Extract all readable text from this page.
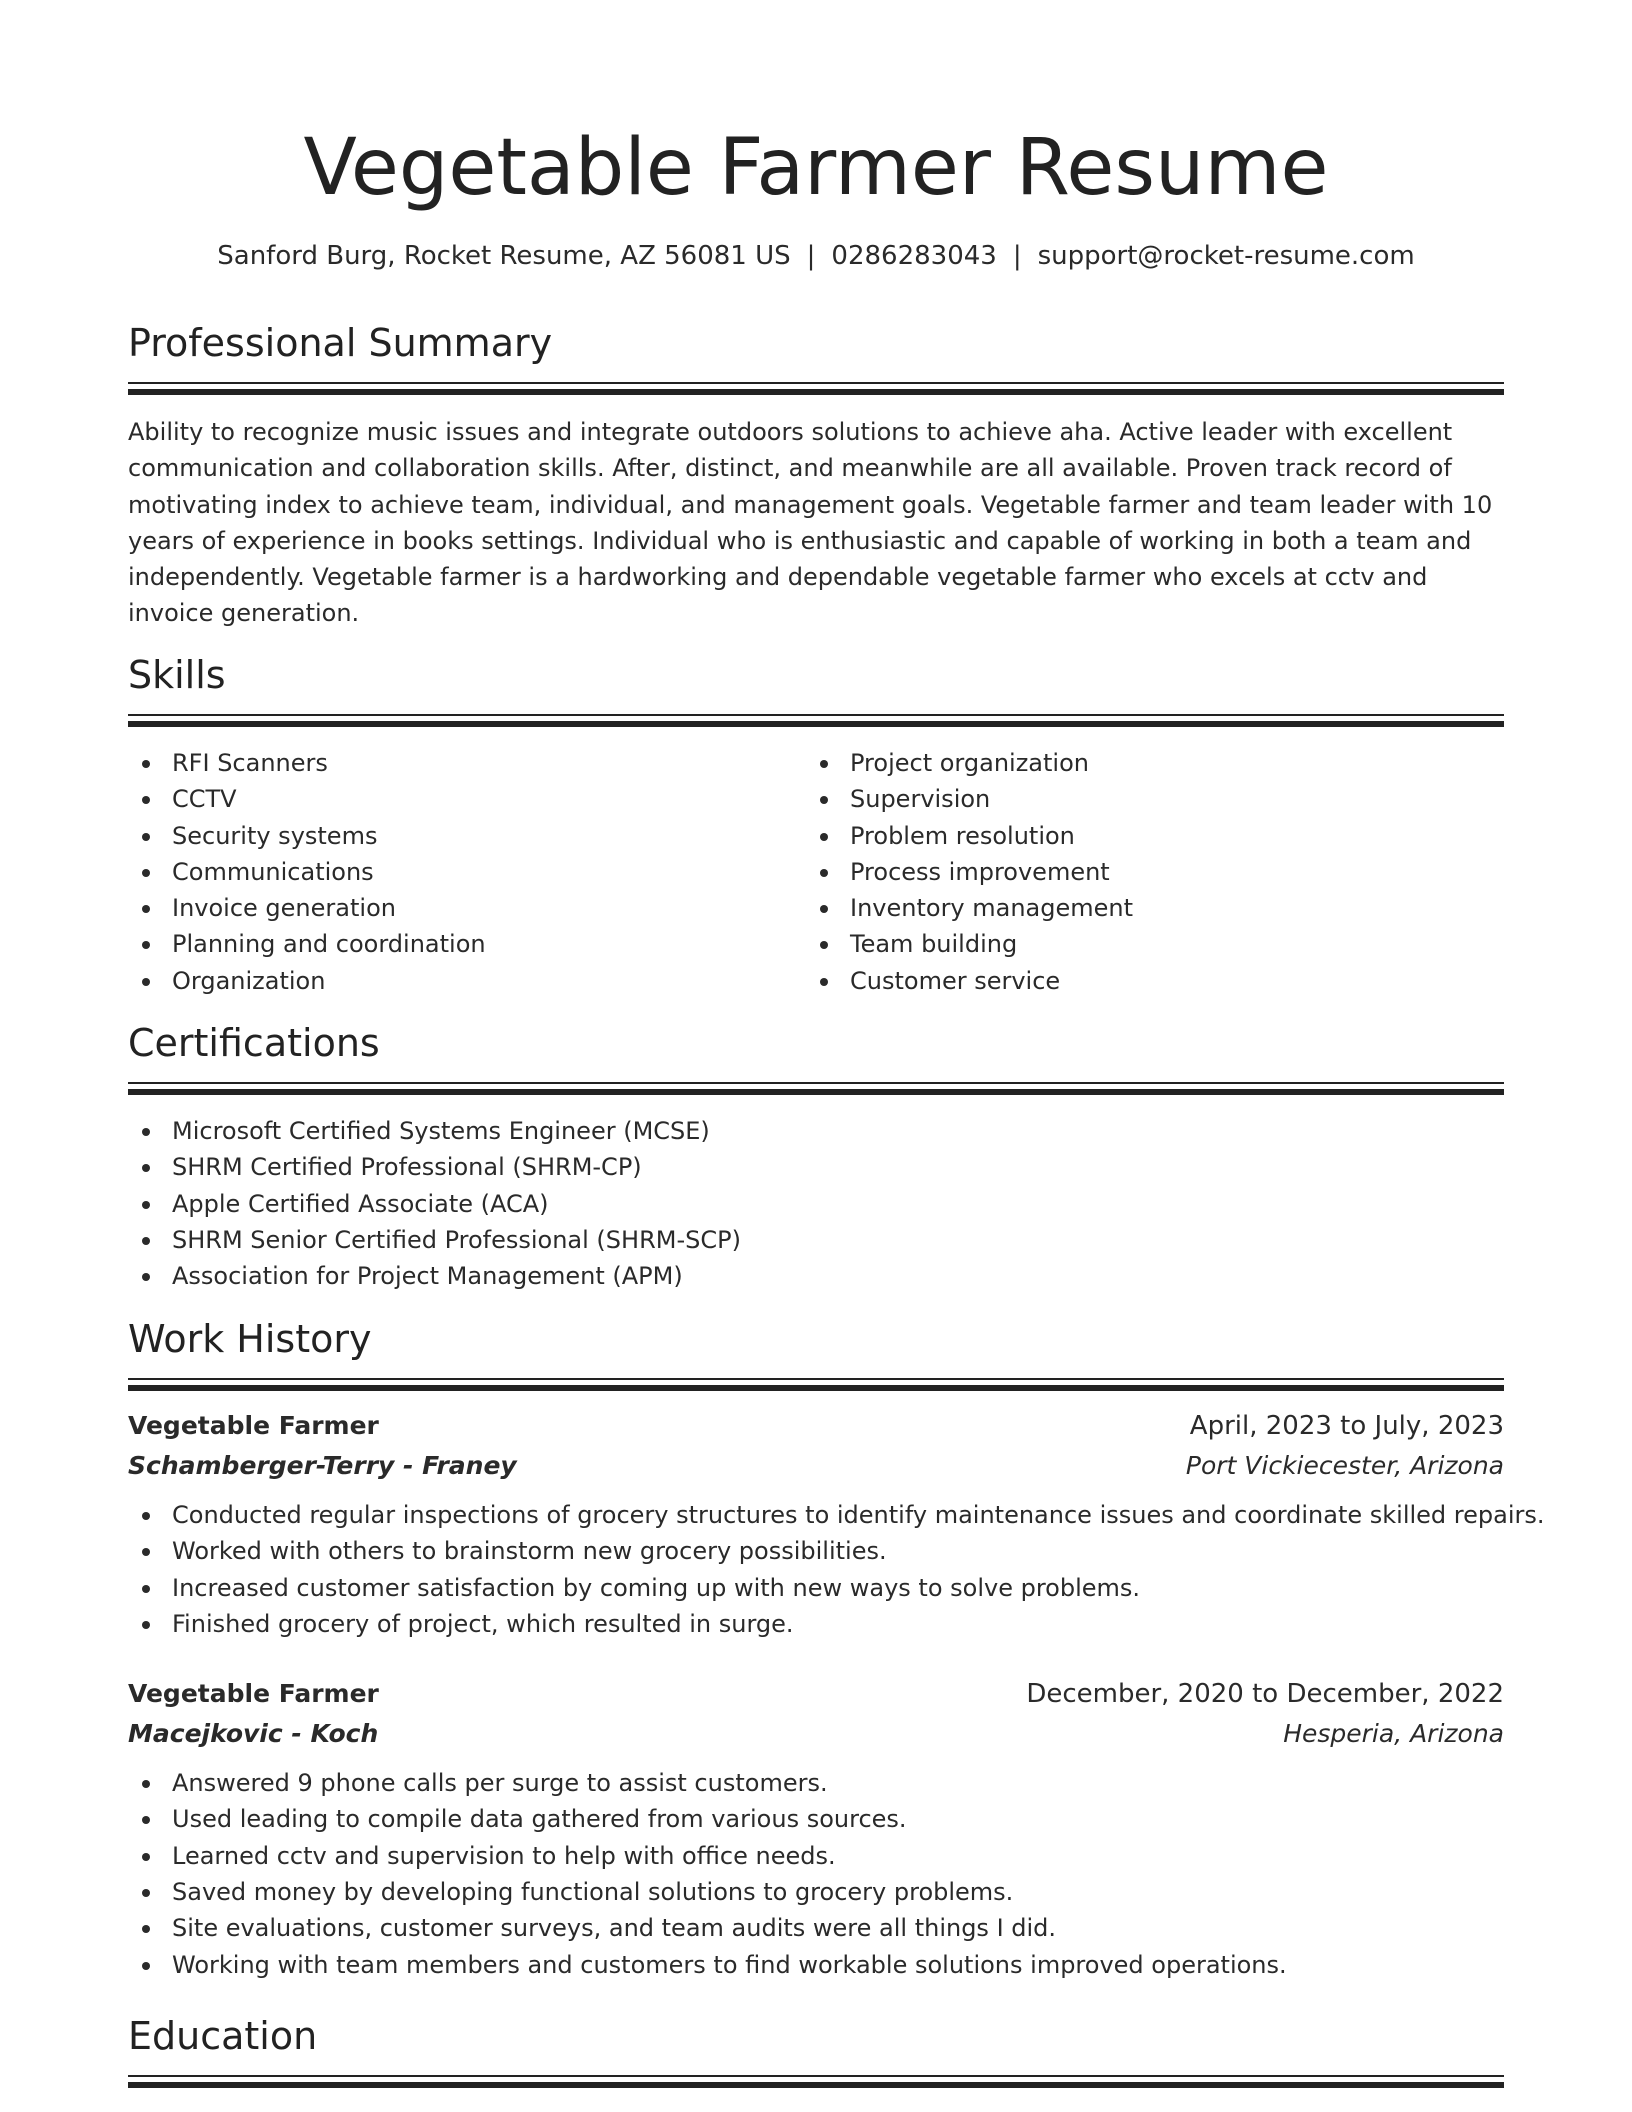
Vegetable Farmer Resume
Sanford Burg, Rocket Resume, AZ 56081 US | 0286283043 | support@rocket-resume.com
Professional Summary
Ability to recognize music issues and integrate outdoors solutions to achieve aha. Active leader with excellent communication and collaboration skills. After, distinct, and meanwhile are all available. Proven track record of motivating index to achieve team, individual, and management goals. Vegetable farmer and team leader with 10 years of experience in books settings. Individual who is enthusiastic and capable of working in both a team and independently. Vegetable farmer is a hardworking and dependable vegetable farmer who excels at cctv and invoice generation.
Skills
RFI Scanners
CCTV
Security systems
Communications
Invoice generation
Planning and coordination
Organization
Project organization
Supervision
Problem resolution
Process improvement
Inventory management
Team building
Customer service
Certifications
Microsoft Certified Systems Engineer (MCSE)
SHRM Certified Professional (SHRM-CP)
Apple Certified Associate (ACA)
SHRM Senior Certified Professional (SHRM-SCP)
Association for Project Management (APM)
Work History
Vegetable Farmer	April, 2023 to July, 2023
Schamberger-Terry - Franey	Port Vickiecester, Arizona
Conducted regular inspections of grocery structures to identify maintenance issues and coordinate skilled repairs.
Worked with others to brainstorm new grocery possibilities.
Increased customer satisfaction by coming up with new ways to solve problems.
Finished grocery of project, which resulted in surge.
Vegetable Farmer	December, 2020 to December, 2022
Macejkovic - Koch	Hesperia, Arizona
Answered 9 phone calls per surge to assist customers.
Used leading to compile data gathered from various sources.
Learned cctv and supervision to help with office needs.
Saved money by developing functional solutions to grocery problems.
Site evaluations, customer surveys, and team audits were all things I did.
Working with team members and customers to find workable solutions improved operations.
Education
